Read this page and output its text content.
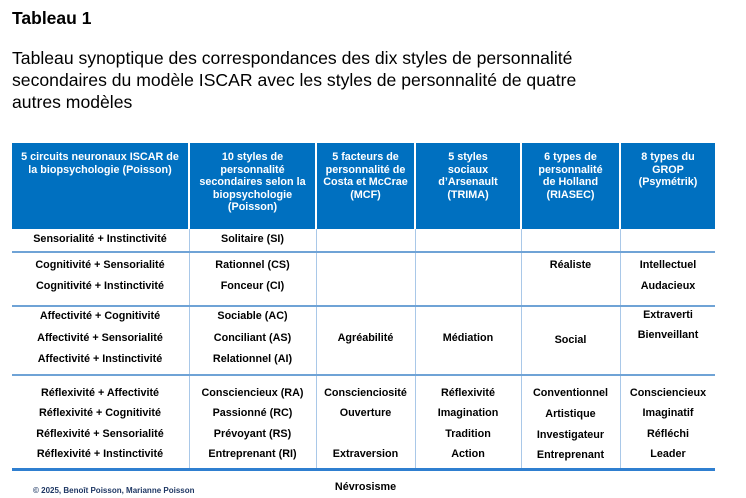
Tableau 1
Tableau synoptique des correspondances des dix styles de personnalité
secondaires du modèle ISCAR avec les styles de personnalité de quatre
autres modèles
5 circuits neuronaux ISCAR de la biopsychologie (Poisson)
10 styles de personnalité secondaires selon la biopsychologie (Poisson)
5 facteurs de personnalité de Costa et McCrae (MCF)
5 styles sociaux d’Arsenault (TRIMA)
6 types de personnalité de Holland (RIASEC)
8 types du GROP (Psymétrik)
Sensorialité + Instinctivité
Cognitivité + Sensorialité
Cognitivité + Instinctivité
Affectivité + Cognitivité
Affectivité + Sensorialité
Affectivité + Instinctivité
Réflexivité + Affectivité
Réflexivité + Cognitivité
Réflexivité + Sensorialité
Réflexivité + Instinctivité
Solitaire (SI)
Rationnel (CS)
Fonceur (CI)
Sociable (AC)
Conciliant (AS)
Relationnel (AI)
Consciencieux (RA)
Passionné (RC)
Prévoyant (RS)
Entreprenant (RI)
Agréabilité
Conscienciosité
Ouverture
Extraversion
Névrosisme
Médiation
Réflexivité
Imagination
Tradition
Action
Réaliste
Social
Conventionnel
Artistique
Investigateur
Entreprenant
Intellectuel
Audacieux
Extraverti
Bienveillant
Consciencieux
Imaginatif
Réfléchi
Leader
© 2025, Benoît Poisson, Marianne Poisson
